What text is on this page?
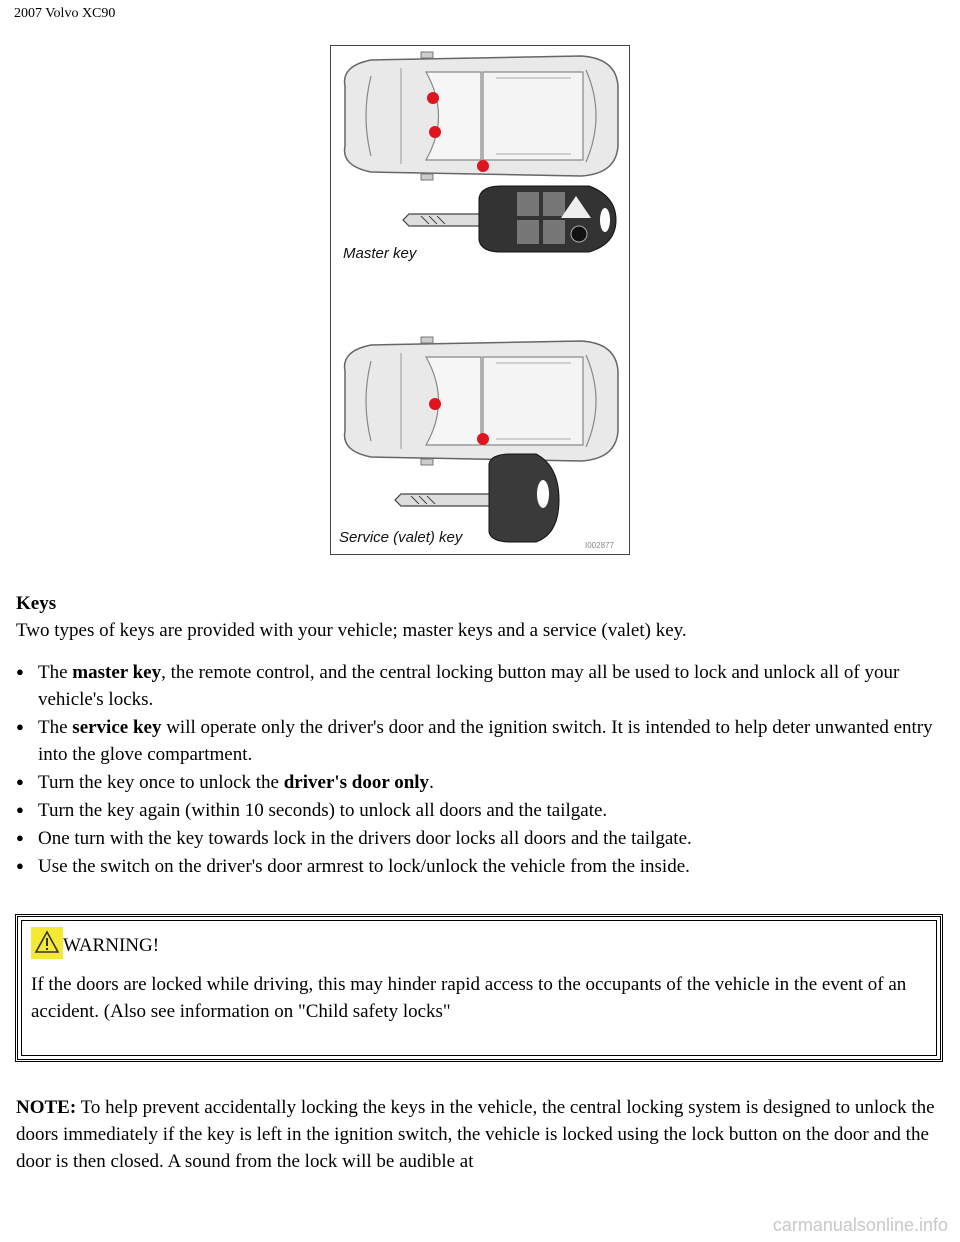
2007 Volvo XC90
Master key
Service (valet) key	I002877
Keys
Two types of keys are provided with your vehicle; master keys and a service (valet) key.
● The master key, the remote control, and the central locking button may all be used to lock and unlock all of your vehicle's locks.
● The service key will operate only the driver's door and the ignition switch. It is intended to help deter unwanted entry into the glove compartment.
● Turn the key once to unlock the driver's door only.
● Turn the key again (within 10 seconds) to unlock all doors and the tailgate.
● One turn with the key towards lock in the drivers door locks all doors and the tailgate.
● Use the switch on the driver's door armrest to lock/unlock the vehicle from the inside.
WARNING!
If the doors are locked while driving, this may hinder rapid access to the occupants of the vehicle in the event of an accident. (Also see information on "Child safety locks"
NOTE: To help prevent accidentally locking the keys in the vehicle, the central locking system is designed to unlock the doors immediately if the key is left in the ignition switch, the vehicle is locked using the lock button on the door and the door is then closed. A sound from the lock will be audible at
carmanualsonline.info
